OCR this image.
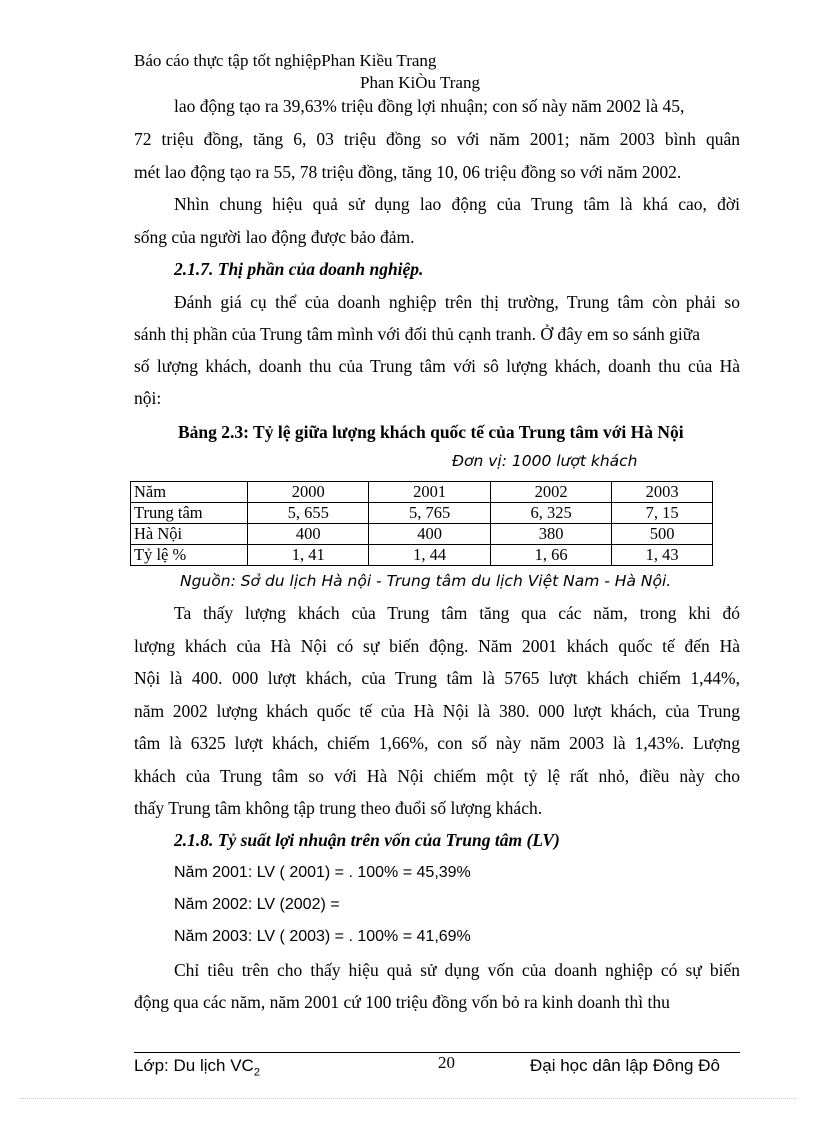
Báo cáo thực tập tốt nghiệpPhan Kiều Trang
Phan KiÒu Trang
lao động tạo ra 39,63% triệu đồng lợi nhuận; con số này năm 2002 là 45,
72 triệu đồng, tăng 6, 03 triệu đồng so với năm 2001; năm 2003 bình quân
mét lao động tạo ra 55, 78 triệu đồng, tăng 10, 06 triệu đồng so với năm 2002.
Nhìn chung hiệu quả sử dụng lao động của Trung tâm là khá cao, đời
sống của người lao động được bảo đảm.
2.1.7. Thị phần của doanh nghiệp.
Đánh giá cụ thể của doanh nghiệp trên thị trường, Trung tâm còn phải so
sánh thị phần của Trung tâm mình với đối thủ cạnh tranh. Ở đây em so sánh giữa
số lượng khách, doanh thu của Trung tâm với sô lượng khách, doanh thu của Hà
nội:
Bảng 2.3: Tỷ lệ giữa lượng khách quốc tế của Trung tâm với Hà Nội
Đơn vị: 1000 lượt khách
Năm	2000	2001	2002	2003
Trung tâm	5, 655	5, 765	6, 325	7, 15
Hà Nội	400	400	380	500
Tỷ lệ %	1, 41	1, 44	1, 66	1, 43
Nguồn: Sở du lịch Hà nội - Trung tâm du lịch Việt Nam - Hà Nội.
Ta thấy lượng khách của Trung tâm tăng qua các năm, trong khi đó
lượng khách của Hà Nội có sự biến động. Năm 2001 khách quốc tế đến Hà
Nội là 400. 000 lượt khách, của Trung tâm là 5765 lượt khách chiếm 1,44%,
năm 2002 lượng khách quốc tế của Hà Nội là 380. 000 lượt khách, của Trung
tâm là 6325 lượt khách, chiếm 1,66%, con số này năm 2003 là 1,43%. Lượng
khách của Trung tâm so với Hà Nội chiếm một tỷ lệ rất nhỏ, điều này cho
thấy Trung tâm không tập trung theo đuổi số lượng khách.
2.1.8. Tỷ suất lợi nhuận trên vốn của Trung tâm (LV)
Năm 2001: LV ( 2001) = . 100% = 45,39%
Năm 2002: LV (2002) =
Năm 2003: LV ( 2003) = . 100% = 41,69%
Chỉ tiêu trên cho thấy hiệu quả sử dụng vốn của doanh nghiệp có sự biến
động qua các năm, năm 2001 cứ 100 triệu đồng vốn bỏ ra kinh doanh thì thu
Lớp: Du lịch $VC_2$
20	Đại học dân lập Đông Đô
